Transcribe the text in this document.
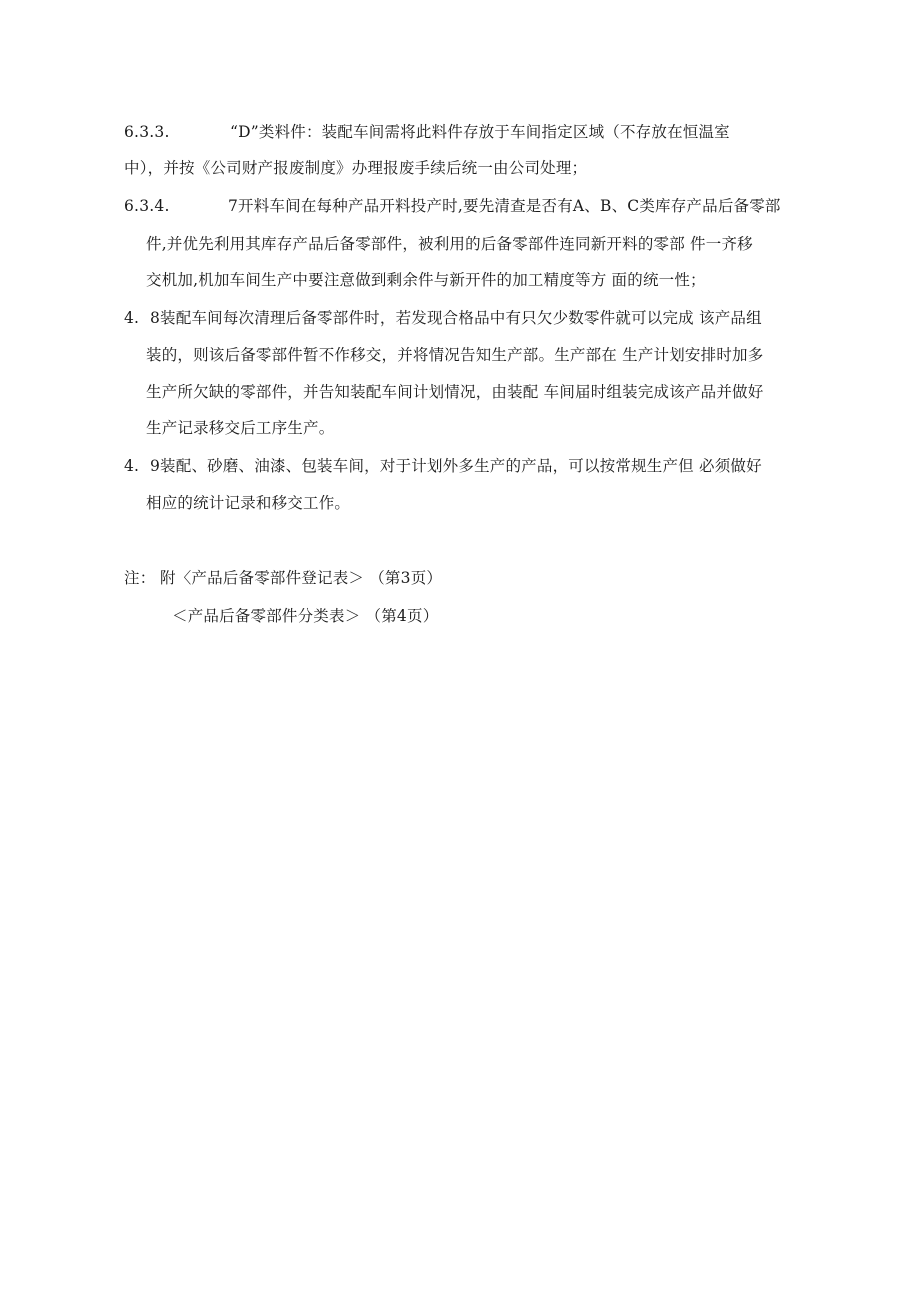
6.3.3.	“D”类料件：装配车间需将此料件存放于车间指定区域（不存放在恒温室
中），并按《公司财产报废制度》办理报废手续后统一由公司处理；
6.3.4.	7开料车间在每种产品开料投产时,要先清查是否有A、B、C类库存产品后备零部
件,并优先利用其库存产品后备零部件，被利用的后备零部件连同新开料的零部 件一齐移
交机加,机加车间生产中要注意做到剩余件与新开件的加工精度等方 面的统一性；
4. 8装配车间每次清理后备零部件时，若发现合格品中有只欠少数零件就可以完成 该产品组
装的，则该后备零部件暂不作移交，并将情况告知生产部。生产部在 生产计划安排时加多
生产所欠缺的零部件，并告知装配车间计划情况，由装配 车间届时组装完成该产品并做好
生产记录移交后工序生产。
4. 9装配、砂磨、油漆、包装车间，对于计划外多生产的产品，可以按常规生产但 必须做好
相应的统计记录和移交工作。
注： 附〈产品后备零部件登记表＞ （第3页）
＜产品后备零部件分类表＞ （第4页）
